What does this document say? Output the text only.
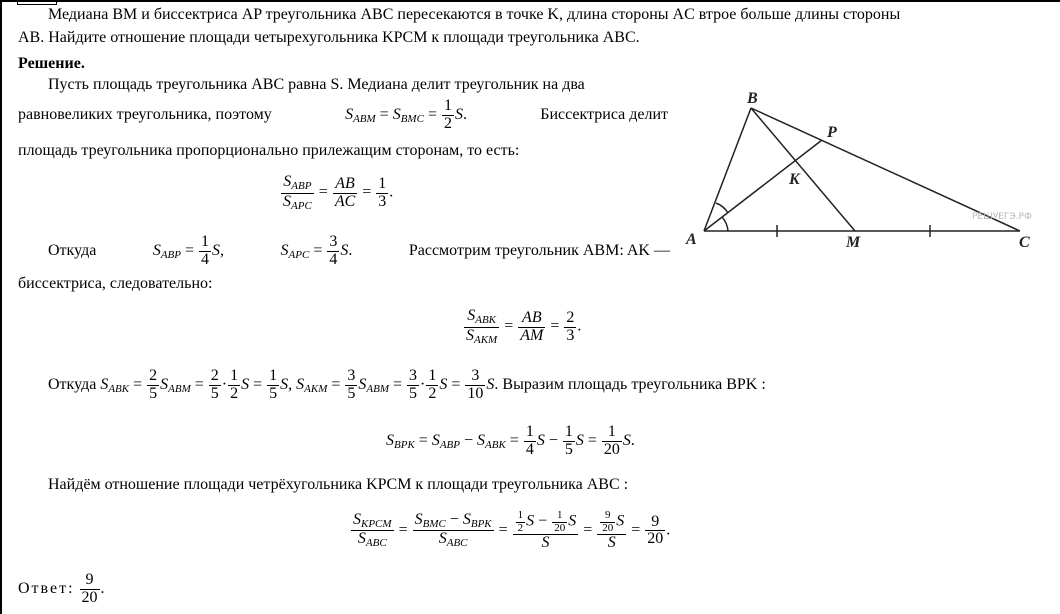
Медиана BM и биссектриса AP треугольника ABC пересекаются в точке K, длина стороны AC втрое больше длины стороны
AB. Найдите отношение площади четырехугольника KPCM к площади треугольника ABC.
Решение.
Пусть площадь треугольника ABC равна S. Медиана делит треугольник на два
равновеликих треугольника, поэтому	$S_{ABM} = S_{BMC} = \frac{1}{2} S$.	Биссектриса делит
площадь треугольника пропорционально прилежащим сторонам, то есть:
$\frac{S_{ABP}}{S_{APC}} = \frac{AB}{AC} = \frac{1}{3}$ .
Откуда	$S_{ABP} = \frac{1}{4} S$,	$S_{APC} = \frac{3}{4} S$.	Рассмотрим треугольник ABM: AK —
биссектриса, следовательно:
$\frac{S_{ABK}}{S_{AKM}} = \frac{AB}{AM} = \frac{2}{3}$ .
Откуда $S_{ABK} = \frac{2}{5} S_{ABM} = \frac{2}{5} \cdot \frac{1}{2}$ $S = \frac{1}{5} S$, $S_{AKM} = \frac{3}{5} S_{ABM} = \frac{3}{5} \cdot \frac{1}{2}$ $S = \frac{3}{10} S$. Выразим площадь треугольника BPK :
$S_{BPK} = S_{ABP} - S_{ABK} = \frac{1}{4}$ $S - \frac{1}{5}$ $S = \frac{1}{20} S$.
Найдём отношение площади четрёхугольника KPCM к площади треугольника ABC :
$\frac{S_{KPCM}}{S_{ABC}} = \frac{S_{BMC} - S_{BPK}}{S_{ABC}} = \frac{\frac{1}{2} S - \frac{1}{20} S}{S} = \frac{\frac{9}{20} S}{S} = \frac{9}{20}$ .
Ответ: $\frac{9}{20}$ .
B
P
K
A	M	C
РЕШУЕГЭ.РФ
